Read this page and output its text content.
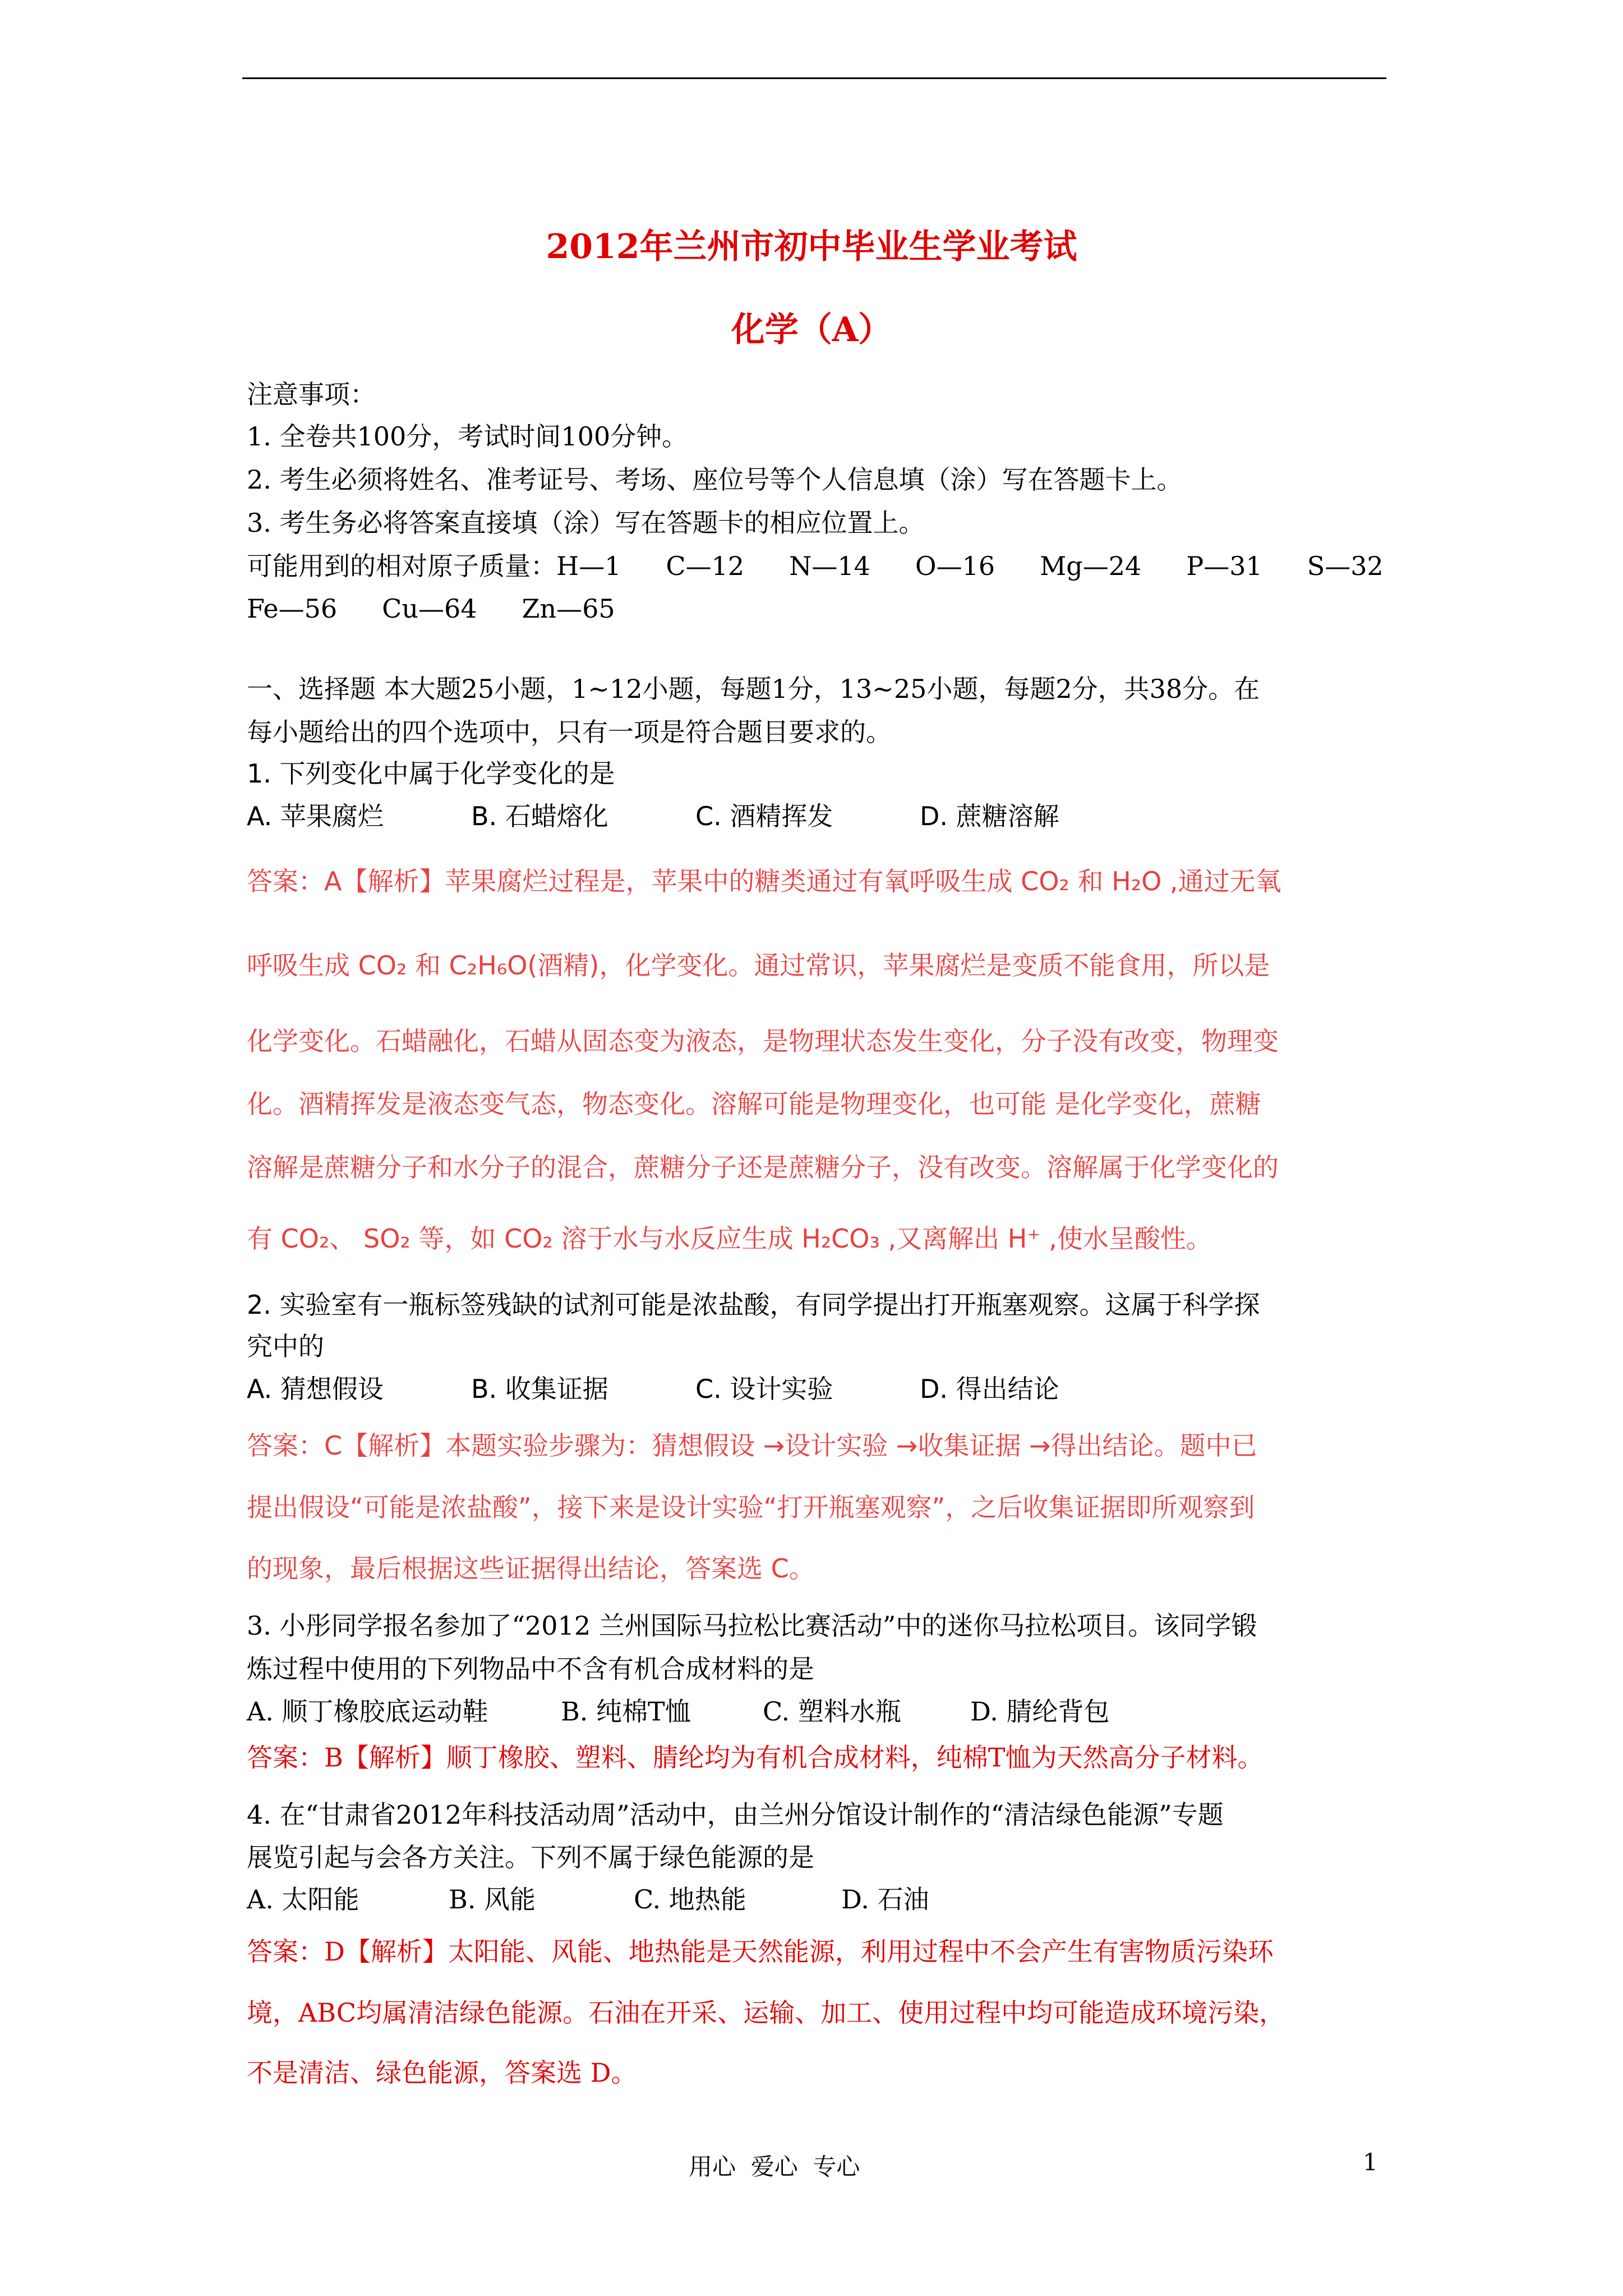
2012年兰州市初中毕业生学业考试
化学（A）
注意事项：
1. 全卷共100分，考试时间100分钟。
2. 考生必须将姓名、准考证号、考场、座位号等个人信息填（涂）写在答题卡上。
3. 考生务必将答案直接填（涂）写在答题卡的相应位置上。
可能用到的相对原子质量：H—1 C—12 N—14 O—16 Mg—24 P—31 S—32
Fe—56 Cu—64 Zn—65
一、选择题 本大题25小题，1~12小题，每题1分，13~25小题，每题2分，共38分。在
每小题给出的四个选项中，只有一项是符合题目要求的。
1. 下列变化中属于化学变化的是
A. 苹果腐烂	B. 石蜡熔化	C. 酒精挥发	D. 蔗糖溶解
答案：A【解析】苹果腐烂过程是，苹果中的糖类通过有氧呼吸生成 CO₂ 和 H₂O ,通过无氧
呼吸生成 CO₂ 和 C₂H₆O(酒精)，化学变化。通过常识，苹果腐烂是变质不能食用，所以是
化学变化。石蜡融化，石蜡从固态变为液态，是物理状态发生变化，分子没有改变，物理变
化。酒精挥发是液态变气态，物态变化。溶解可能是物理变化，也可能 是化学变化，蔗糖
溶解是蔗糖分子和水分子的混合，蔗糖分子还是蔗糖分子，没有改变。溶解属于化学变化的
有 CO₂、 SO₂ 等，如 CO₂ 溶于水与水反应生成 H₂CO₃ ,又离解出 H⁺ ,使水呈酸性。
2. 实验室有一瓶标签残缺的试剂可能是浓盐酸，有同学提出打开瓶塞观察。这属于科学探
究中的
A. 猜想假设	B. 收集证据	C. 设计实验	D. 得出结论
答案：C【解析】本题实验步骤为：猜想假设 →设计实验 →收集证据 →得出结论。题中已
提出假设“可能是浓盐酸”，接下来是设计实验“打开瓶塞观察”，之后收集证据即所观察到
的现象，最后根据这些证据得出结论，答案选 C。
3. 小彤同学报名参加了“2012 兰州国际马拉松比赛活动”中的迷你马拉松项目。该同学锻
炼过程中使用的下列物品中不含有机合成材料的是
A. 顺丁橡胶底运动鞋	B. 纯棉T恤	C. 塑料水瓶	D. 腈纶背包
答案：B【解析】顺丁橡胶、塑料、腈纶均为有机合成材料，纯棉T恤为天然高分子材料。
4. 在“甘肃省2012年科技活动周”活动中，由兰州分馆设计制作的“清洁绿色能源”专题
展览引起与会各方关注。下列不属于绿色能源的是
A. 太阳能	B. 风能	C. 地热能	D. 石油
答案：D【解析】太阳能、风能、地热能是天然能源，利用过程中不会产生有害物质污染环
境，ABC均属清洁绿色能源。石油在开采、运输、加工、使用过程中均可能造成环境污染，
不是清洁、绿色能源，答案选 D。
用心  爱心  专心	1
